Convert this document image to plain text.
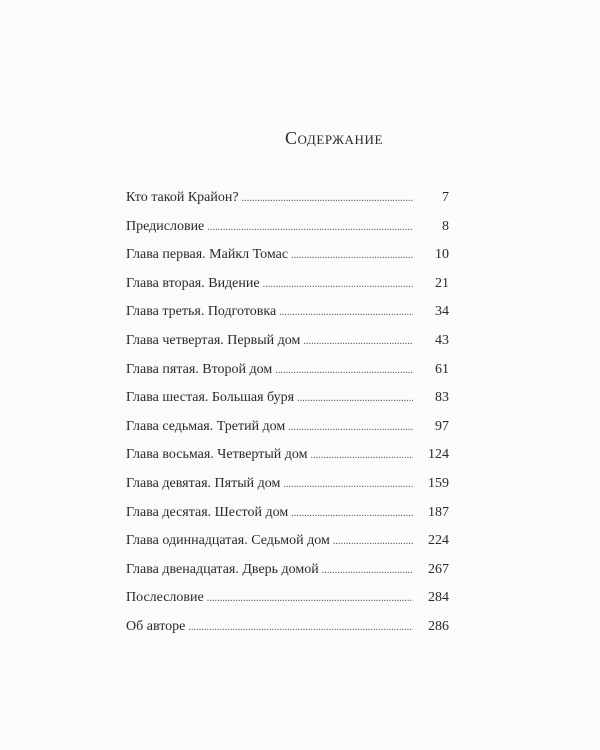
Содержание
Кто такой Крайон? . . .	7
Предисловие . . .	8
Глава первая. Майкл Томас . . .	10
Глава вторая. Видение . . .	21
Глава третья. Подготовка . . .	34
Глава четвертая. Первый дом . . .	43
Глава пятая. Второй дом . . .	61
Глава шестая. Большая буря . . .	83
Глава седьмая. Третий дом . . .	97
Глава восьмая. Четвертый дом . . .	124
Глава девятая. Пятый дом . . .	159
Глава десятая. Шестой дом . . .	187
Глава одиннадцатая. Седьмой дом . . .	224
Глава двенадцатая. Дверь домой . . .	267
Послесловие . . .	284
Об авторе . . .	286
